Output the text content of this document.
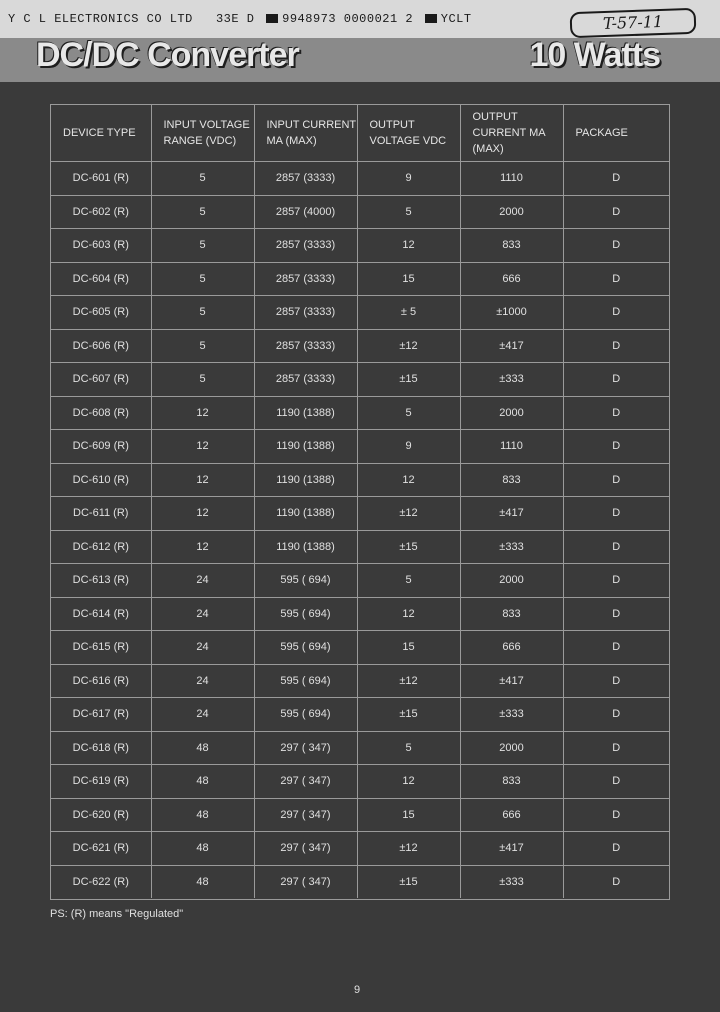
Y C L ELECTRONICS CO LTD 33E D 9948973 0000021 2 YCLT	T-57-11
DC/DC Converter	10 Watts
DEVICE TYPE	INPUT VOLTAGE RANGE (VDC)	INPUT CURRENT MA (MAX)	OUTPUT VOLTAGE VDC	OUTPUT CURRENT MA (MAX)	PACKAGE
DC-601 (R)	5	2857 (3333)	9	1110	D
DC-602 (R)	5	2857 (4000)	5	2000	D
DC-603 (R)	5	2857 (3333)	12	833	D
DC-604 (R)	5	2857 (3333)	15	666	D
DC-605 (R)	5	2857 (3333)	± 5	±1000	D
DC-606 (R)	5	2857 (3333)	±12	±417	D
DC-607 (R)	5	2857 (3333)	±15	±333	D
DC-608 (R)	12	1190 (1388)	5	2000	D
DC-609 (R)	12	1190 (1388)	9	1110	D
DC-610 (R)	12	1190 (1388)	12	833	D
DC-611 (R)	12	1190 (1388)	±12	±417	D
DC-612 (R)	12	1190 (1388)	±15	±333	D
DC-613 (R)	24	595 ( 694)	5	2000	D
DC-614 (R)	24	595 ( 694)	12	833	D
DC-615 (R)	24	595 ( 694)	15	666	D
DC-616 (R)	24	595 ( 694)	±12	±417	D
DC-617 (R)	24	595 ( 694)	±15	±333	D
DC-618 (R)	48	297 ( 347)	5	2000	D
DC-619 (R)	48	297 ( 347)	12	833	D
DC-620 (R)	48	297 ( 347)	15	666	D
DC-621 (R)	48	297 ( 347)	±12	±417	D
DC-622 (R)	48	297 ( 347)	±15	±333	D
PS: (R) means "Regulated"
9
